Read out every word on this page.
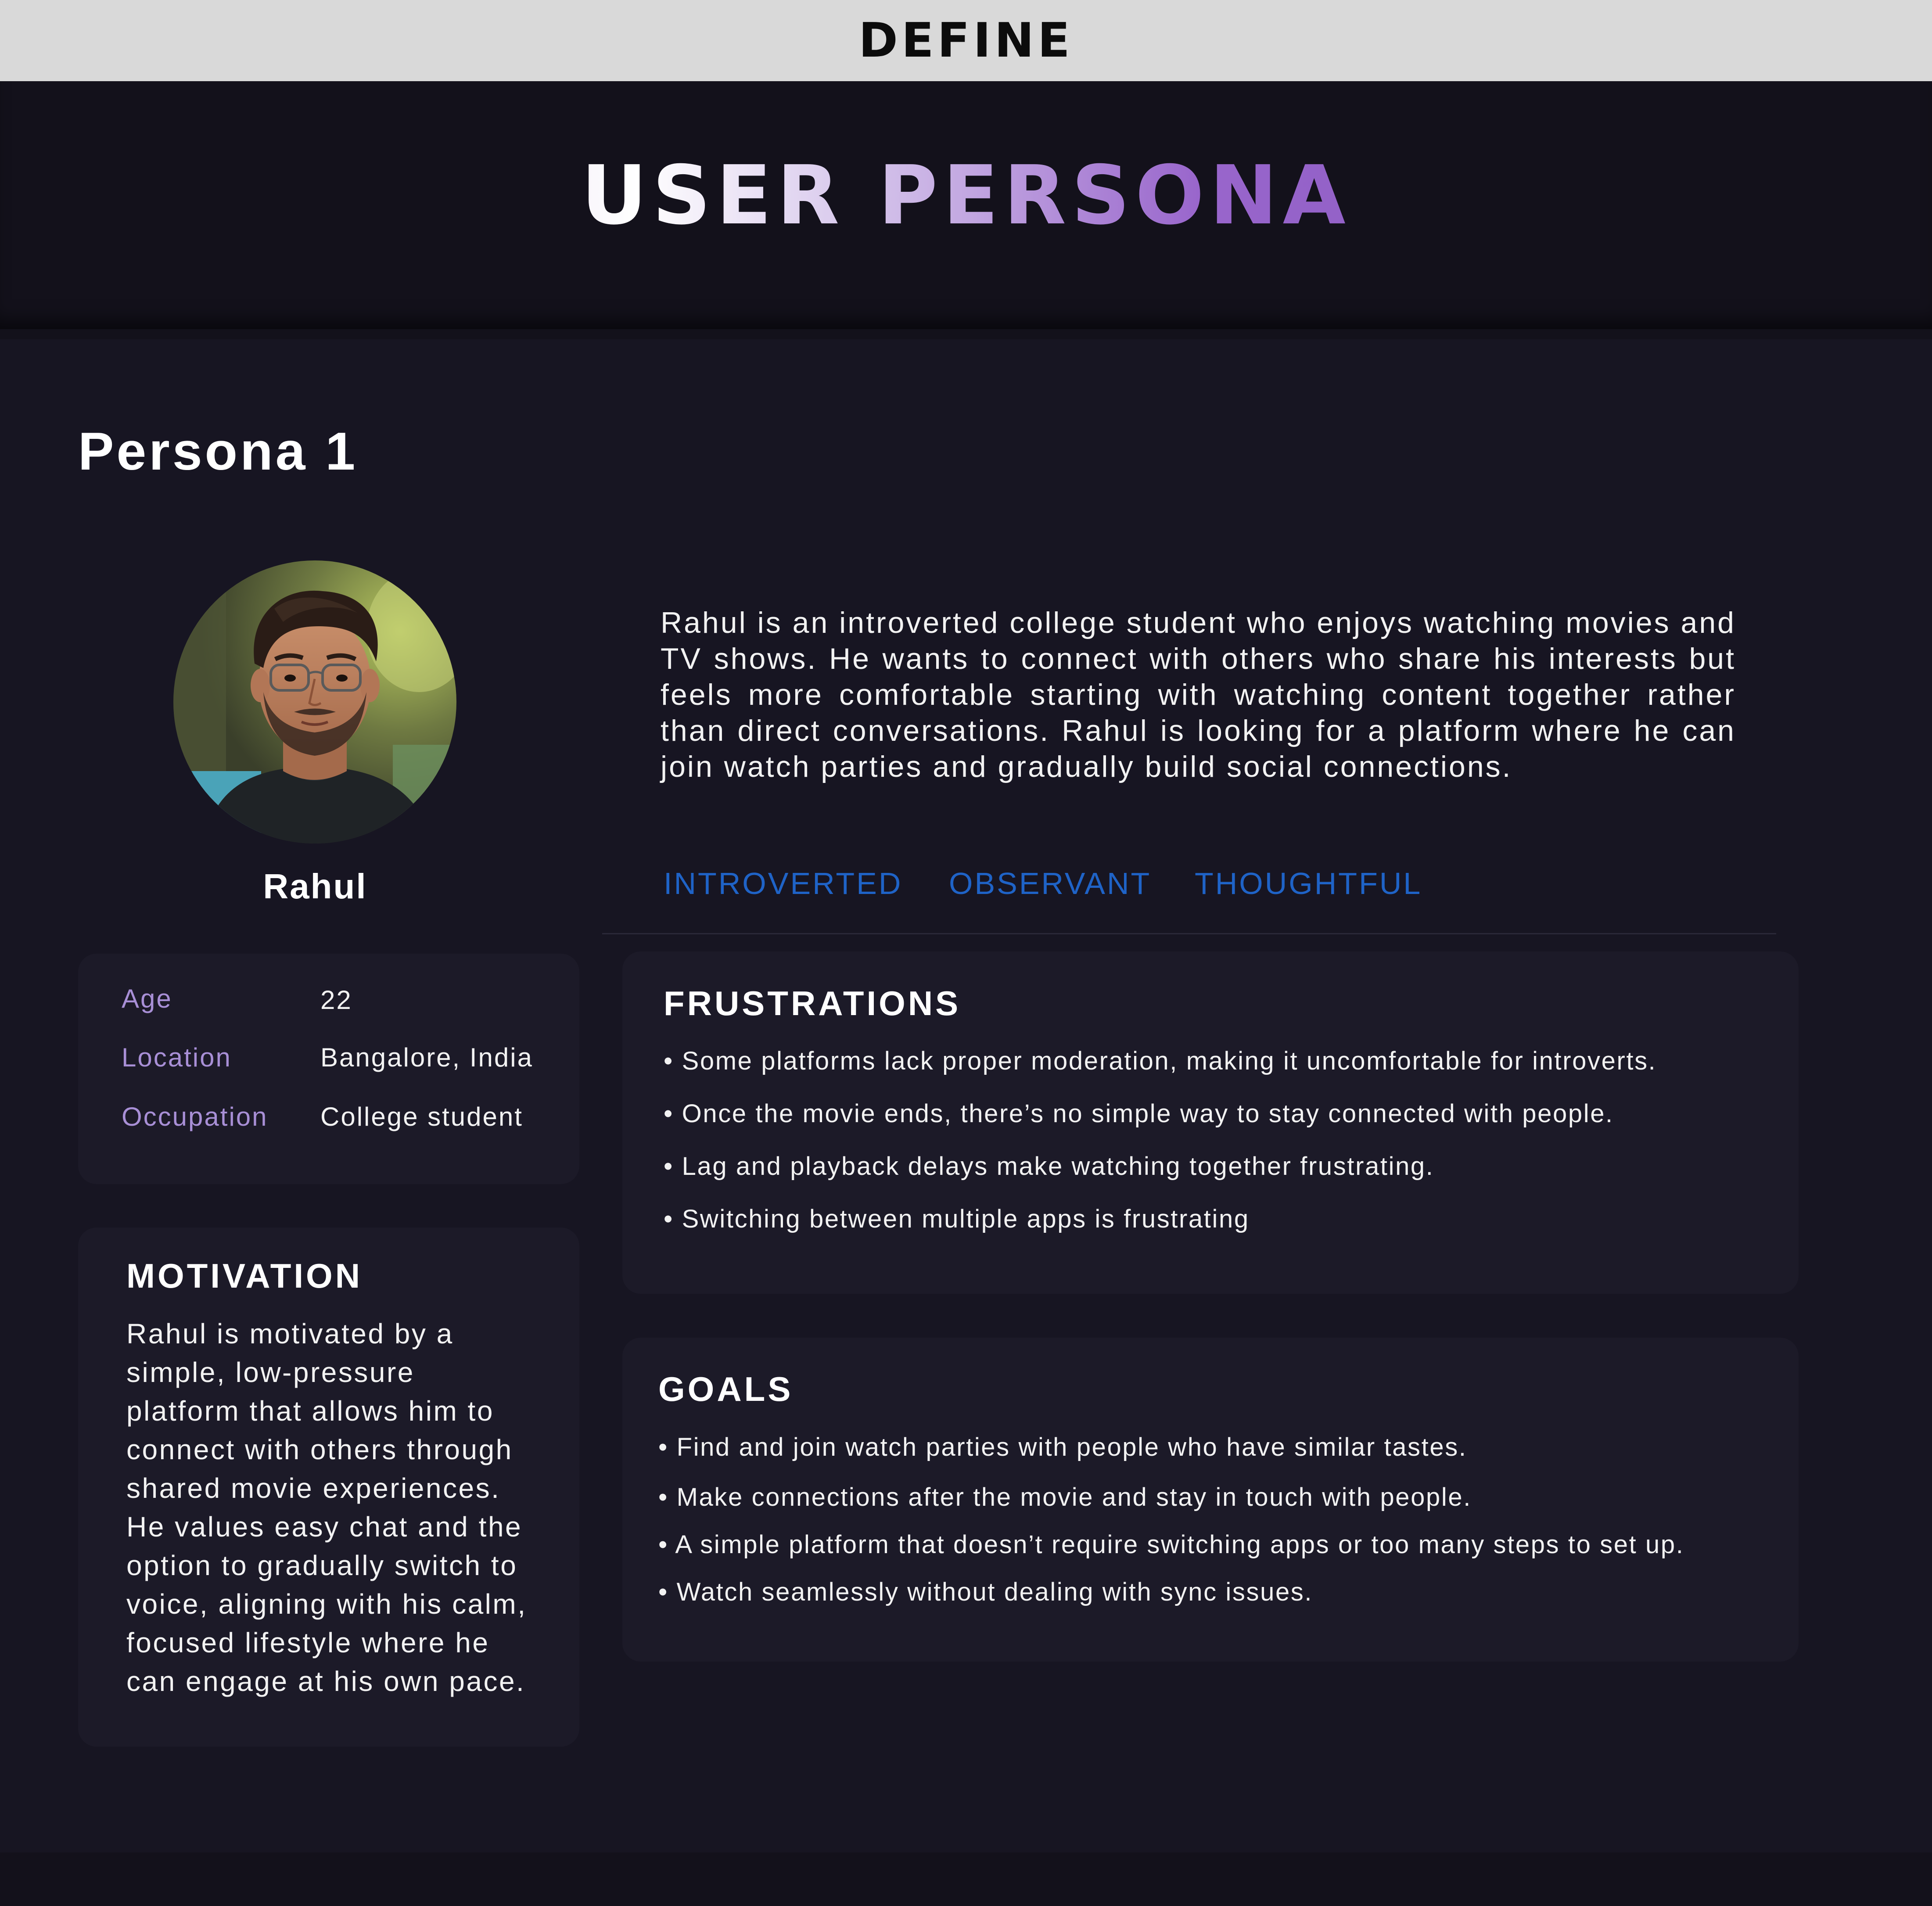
DEFINE
USER PERSONA
Persona 1
Rahul
Rahul is an introverted college student who enjoys watching movies and TV shows. He wants to connect with others who share his interests but feels more comfortable starting with watching content together rather than direct conversations. Rahul is looking for a platform where he can join watch parties and gradually build social connections.
INTROVERTED OBSERVANT THOUGHTFUL
Age	22
Location	Bangalore, India
Occupation College student
MOTIVATION
Rahul is motivated by a
simple, low-pressure
platform that allows him to
connect with others through
shared movie experiences.
He values easy chat and the
option to gradually switch to
voice, aligning with his calm,
focused lifestyle where he
can engage at his own pace.
FRUSTRATIONS
• Some platforms lack proper moderation, making it uncomfortable for introverts.
• Once the movie ends, there’s no simple way to stay connected with people.
• Lag and playback delays make watching together frustrating.
• Switching between multiple apps is frustrating
GOALS
• Find and join watch parties with people who have similar tastes.
• Make connections after the movie and stay in touch with people.
• A simple platform that doesn’t require switching apps or too many steps to set up.
• Watch seamlessly without dealing with sync issues.
